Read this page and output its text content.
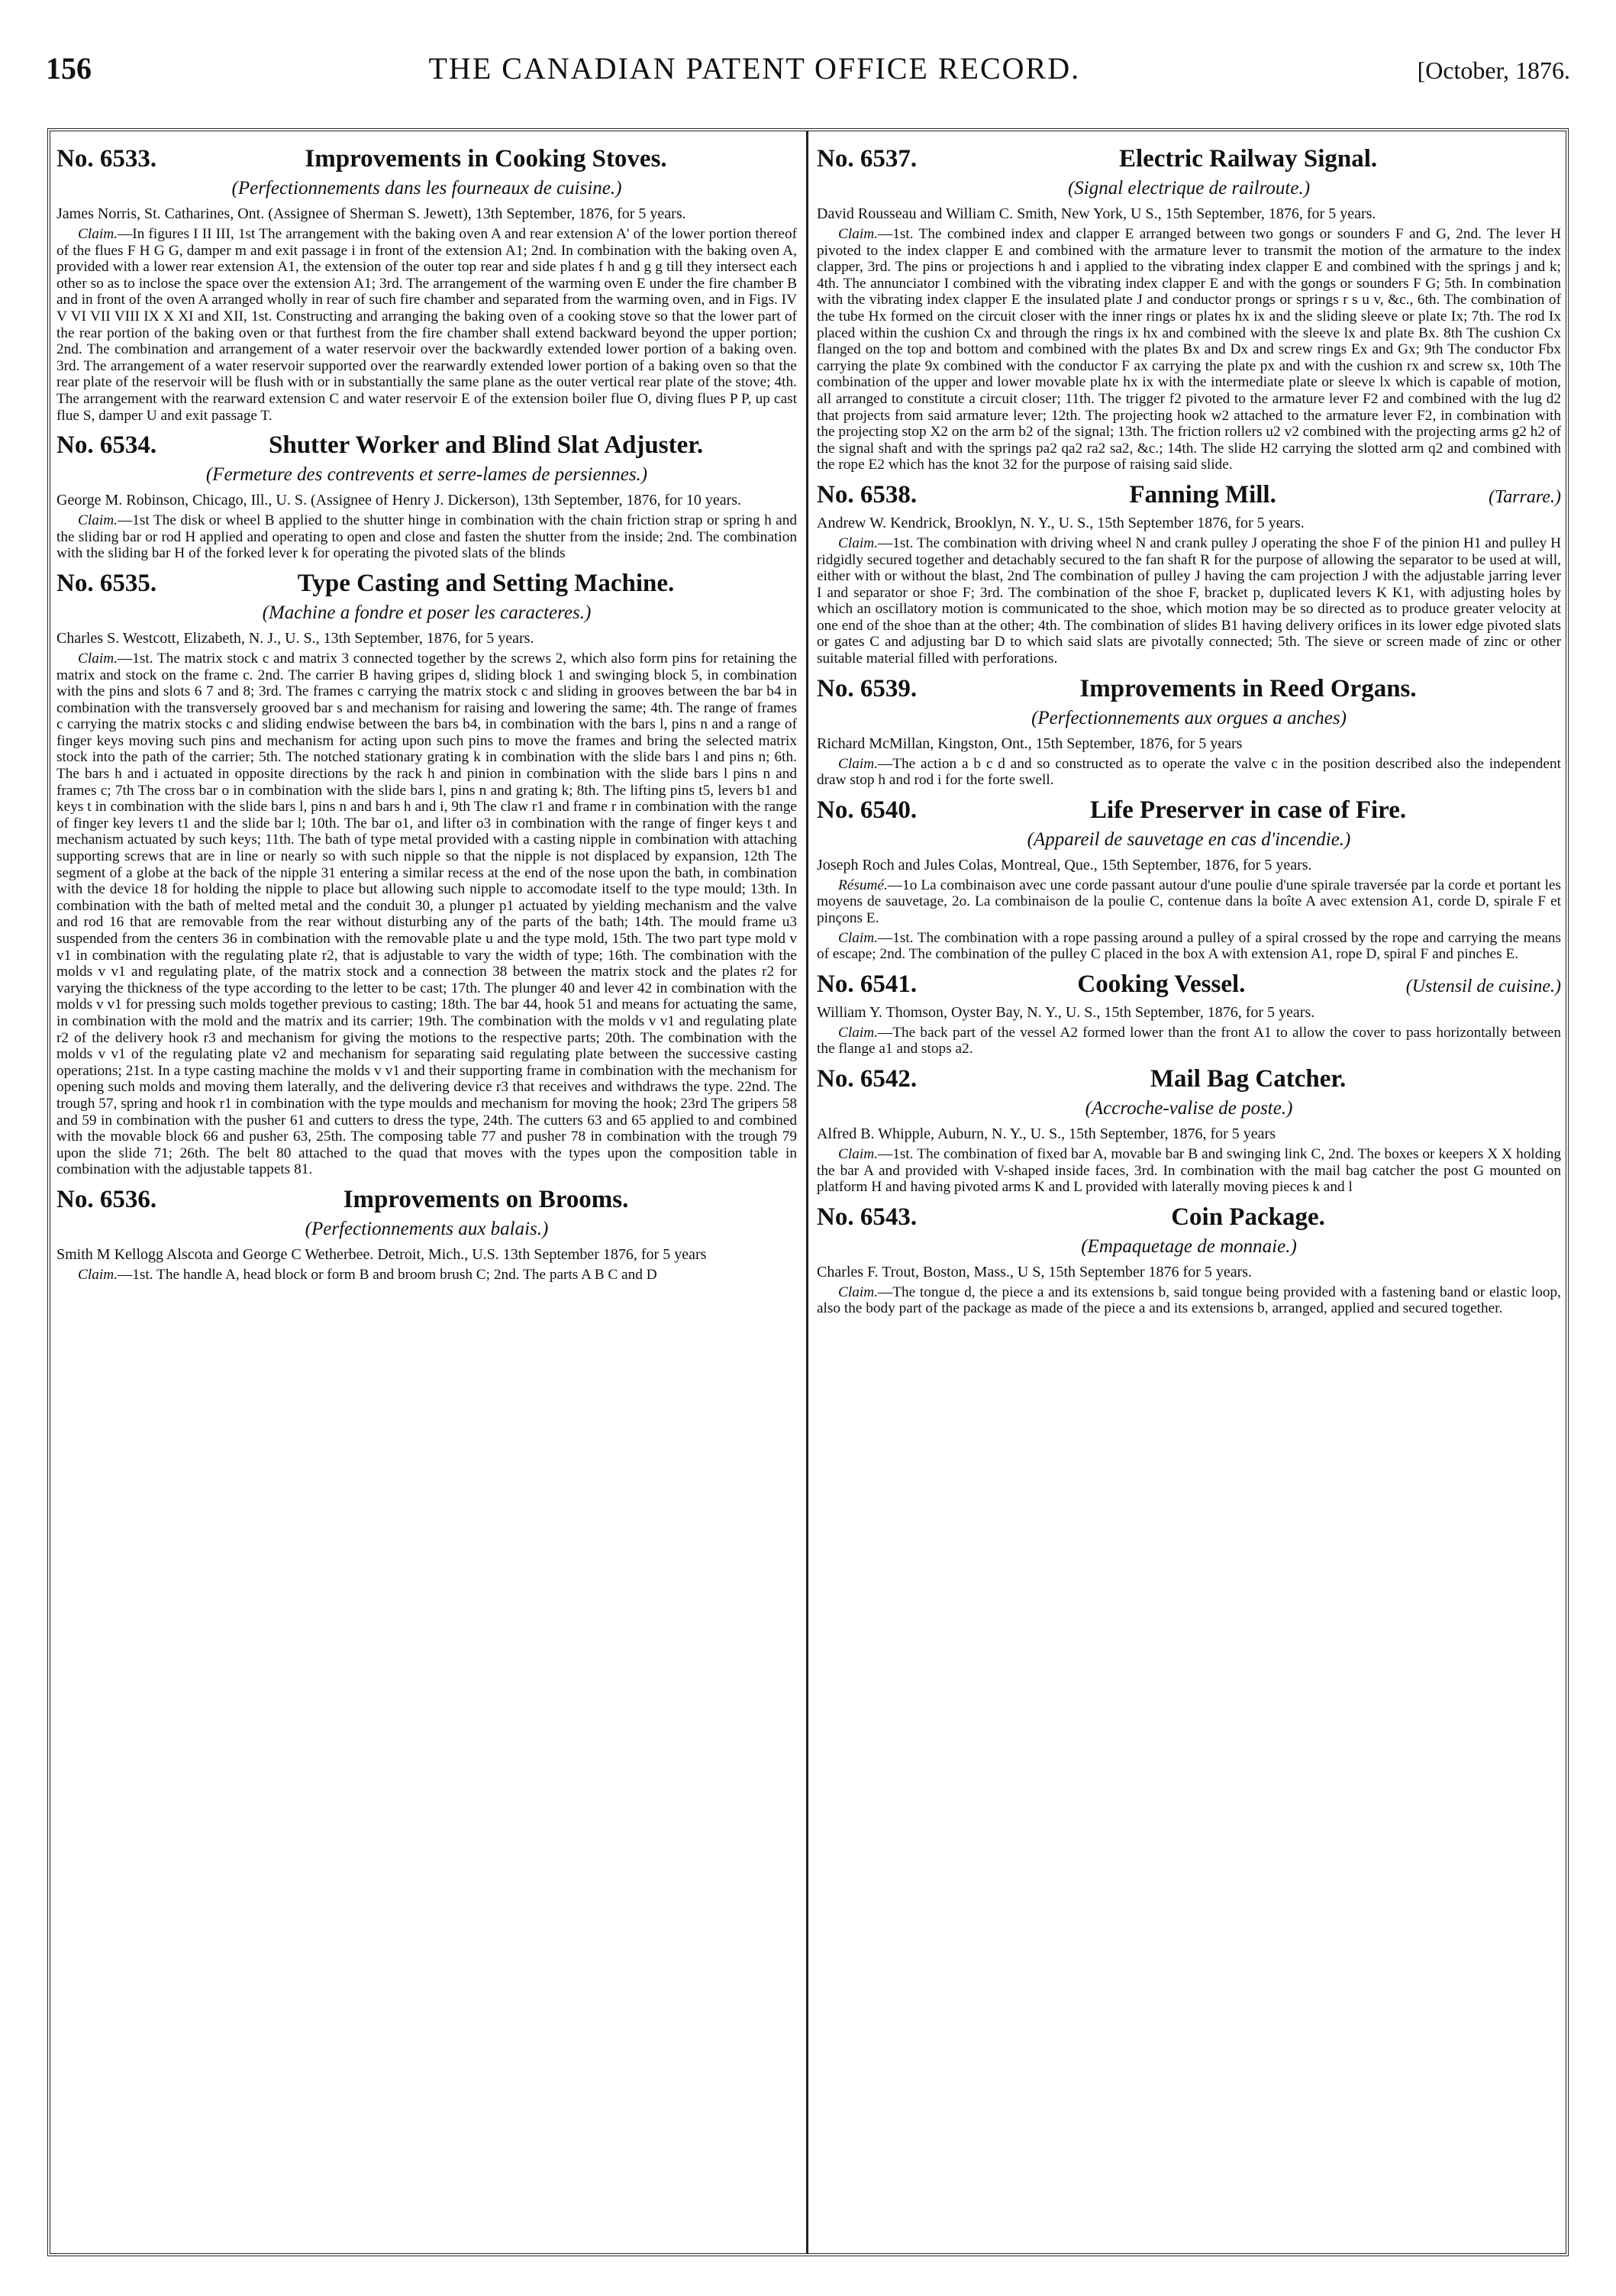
156	THE CANADIAN PATENT OFFICE RECORD.	[October, 1876.
No. 6533.	Improvements in Cooking Stoves.
(Perfectionnements dans les fourneaux de cuisine.)

James Norris, St. Catharines, Ont. (Assignee of Sherman S. Jewett), 13th September, 1876, for 5 years.

Claim.—In figures I II III, 1st The arrangement with the baking oven A and rear extension A' of the lower portion thereof of the flues F H G G, damper m and exit passage i in front of the extension A1; 2nd. In combination with the baking oven A, provided with a lower rear extension A1, the extension of the outer top rear and side plates f h and g g till they intersect each other so as to inclose the space over the extension A1; 3rd. The arrangement of the warming oven E under the fire chamber B and in front of the oven A arranged wholly in rear of such fire chamber and separated from the warming oven, and in Figs. IV V VI VII VIII IX X XI and XII, 1st. Constructing and arranging the baking oven of a cooking stove so that the lower part of the rear portion of the baking oven or that furthest from the fire chamber shall extend backward beyond the upper portion; 2nd. The combination and arrangement of a water reservoir over the backwardly extended lower portion of a baking oven. 3rd. The arrangement of a water reservoir supported over the rearwardly extended lower portion of a baking oven so that the rear plate of the reservoir will be flush with or in substantially the same plane as the outer vertical rear plate of the stove; 4th. The arrangement with the rearward extension C and water reservoir E of the extension boiler flue O, diving flues P P, up cast flue S, damper U and exit passage T.

No. 6534.	Shutter Worker and Blind Slat Adjuster.
(Fermeture des contrevents et serre-lames de persiennes.)

George M. Robinson, Chicago, Ill., U. S. (Assignee of Henry J. Dickerson), 13th September, 1876, for 10 years.

Claim.—1st The disk or wheel B applied to the shutter hinge in combination with the chain friction strap or spring h and the sliding bar or rod H applied and operating to open and close and fasten the shutter from the inside; 2nd. The combination with the sliding bar H of the forked lever k for operating the pivoted slats of the blinds

No. 6535.	Type Casting and Setting Machine.
(Machine a fondre et poser les caracteres.)

Charles S. Westcott, Elizabeth, N. J., U. S., 13th September, 1876, for 5 years.

Claim.—1st. The matrix stock c and matrix 3 connected together by the screws 2, which also form pins for retaining the matrix and stock on the frame c. 2nd. The carrier B having gripes d, sliding block 1 and swinging block 5, in combination with the pins and slots 6 7 and 8; 3rd. The frames c carrying the matrix stock c and sliding in grooves between the bar b4 in combination with the transversely grooved bar s and mechanism for raising and lowering the same; 4th. The range of frames c carrying the matrix stocks c and sliding endwise between the bars b4, in combination with the bars l, pins n and a range of finger keys moving such pins and mechanism for acting upon such pins to move the frames and bring the selected matrix stock into the path of the carrier; 5th. The notched stationary grating k in combination with the slide bars l and pins n; 6th. The bars h and i actuated in opposite directions by the rack h and pinion in combination with the slide bars l pins n and frames c; 7th The cross bar o in combination with the slide bars l, pins n and grating k; 8th. The lifting pins t5, levers b1 and keys t in combination with the slide bars l, pins n and bars h and i, 9th The claw r1 and frame r in combination with the range of finger key levers t1 and the slide bar l; 10th. The bar o1, and lifter o3 in combination with the range of finger keys t and mechanism actuated by such keys; 11th. The bath of type metal provided with a casting nipple in combination with attaching supporting screws that are in line or nearly so with such nipple so that the nipple is not displaced by expansion, 12th The segment of a globe at the back of the nipple 31 entering a similar recess at the end of the nose upon the bath, in combination with the device 18 for holding the nipple to place but allowing such nipple to accomodate itself to the type mould; 13th. In combination with the bath of melted metal and the conduit 30, a plunger p1 actuated by yielding mechanism and the valve and rod 16 that are removable from the rear without disturbing any of the parts of the bath; 14th. The mould frame u3 suspended from the centers 36 in combination with the removable plate u and the type mold, 15th. The two part type mold v v1 in combination with the regulating plate r2, that is adjustable to vary the width of type; 16th. The combination with the molds v v1 and regulating plate, of the matrix stock and a connection 38 between the matrix stock and the plates r2 for varying the thickness of the type according to the letter to be cast; 17th. The plunger 40 and lever 42 in combination with the molds v v1 for pressing such molds together previous to casting; 18th. The bar 44, hook 51 and means for actuating the same, in combination with the mold and the matrix and its carrier; 19th. The combination with the molds v v1 and regulating plate r2 of the delivery hook r3 and mechanism for giving the motions to the respective parts; 20th. The combination with the molds v v1 of the regulating plate v2 and mechanism for separating said regulating plate between the successive casting operations; 21st. In a type casting machine the molds v v1 and their supporting frame in combination with the mechanism for opening such molds and moving them laterally, and the delivering device r3 that receives and withdraws the type. 22nd. The trough 57, spring and hook r1 in combination with the type moulds and mechanism for moving the hook; 23rd The gripers 58 and 59 in combination with the pusher 61 and cutters to dress the type, 24th. The cutters 63 and 65 applied to and combined with the movable block 66 and pusher 63, 25th. The composing table 77 and pusher 78 in combination with the trough 79 upon the slide 71; 26th. The belt 80 attached to the quad that moves with the types upon the composition table in combination with the adjustable tappets 81.

No. 6536.	Improvements on Brooms.
(Perfectionnements aux balais.)

Smith M Kellogg Alscota and George C Wetherbee. Detroit, Mich., U.S. 13th September 1876, for 5 years

Claim.—1st. The handle A, head block or form B and broom brush C; 2nd. The parts A B C and D

No. 6537.	Electric Railway Signal.
(Signal electrique de railroute.)

David Rousseau and William C. Smith, New York, U S., 15th September, 1876, for 5 years.

Claim.—1st. The combined index and clapper E arranged between two gongs or sounders F and G, 2nd. The lever H pivoted to the index clapper E and combined with the armature lever to transmit the motion of the armature to the index clapper, 3rd. The pins or projections h and i applied to the vibrating index clapper E and combined with the springs j and k; 4th. The annunciator I combined with the vibrating index clapper E and with the gongs or sounders F G; 5th. In combination with the vibrating index clapper E the insulated plate J and conductor prongs or springs r s u v, &c., 6th. The combination of the tube Hx formed on the circuit closer with the inner rings or plates hx ix and the sliding sleeve or plate Ix; 7th. The rod Ix placed within the cushion Cx and through the rings ix hx and combined with the sleeve lx and plate Bx. 8th The cushion Cx flanged on the top and bottom and combined with the plates Bx and Dx and screw rings Ex and Gx; 9th The conductor Fbx carrying the plate 9x combined with the conductor F ax carrying the plate px and with the cushion rx and screw sx, 10th The combination of the upper and lower movable plate hx ix with the intermediate plate or sleeve lx which is capable of motion, all arranged to constitute a circuit closer; 11th. The trigger f2 pivoted to the armature lever F2 and combined with the lug d2 that projects from said armature lever; 12th. The projecting hook w2 attached to the armature lever F2, in combination with the projecting stop X2 on the arm b2 of the signal; 13th. The friction rollers u2 v2 combined with the projecting arms g2 h2 of the signal shaft and with the springs pa2 qa2 ra2 sa2, &c.; 14th. The slide H2 carrying the slotted arm q2 and combined with the rope E2 which has the knot 32 for the purpose of raising said slide.

No. 6538.	Fanning Mill.	(Tarrare.)

Andrew W. Kendrick, Brooklyn, N. Y., U. S., 15th September 1876, for 5 years.

Claim.—1st. The combination with driving wheel N and crank pulley J operating the shoe F of the pinion H1 and pulley H ridgidly secured together and detachably secured to the fan shaft R for the purpose of allowing the separator to be used at will, either with or without the blast, 2nd The combination of pulley J having the cam projection J with the adjustable jarring lever I and separator or shoe F; 3rd. The combination of the shoe F, bracket p, duplicated levers K K1, with adjusting holes by which an oscillatory motion is communicated to the shoe, which motion may be so directed as to produce greater velocity at one end of the shoe than at the other; 4th. The combination of slides B1 having delivery orifices in its lower edge pivoted slats or gates C and adjusting bar D to which said slats are pivotally connected; 5th. The sieve or screen made of zinc or other suitable material filled with perforations.

No. 6539.	Improvements in Reed Organs.
(Perfectionnements aux orgues a anches)

Richard McMillan, Kingston, Ont., 15th September, 1876, for 5 years

Claim.—The action a b c d and so constructed as to operate the valve c in the position described also the independent draw stop h and rod i for the forte swell.

No. 6540.	Life Preserver in case of Fire.
(Appareil de sauvetage en cas d'incendie.)

Joseph Roch and Jules Colas, Montreal, Que., 15th September, 1876, for 5 years.

Résumé.—1o La combinaison avec une corde passant autour d'une poulie d'une spirale traversée par la corde et portant les moyens de sauvetage, 2o. La combinaison de la poulie C, contenue dans la boîte A avec extension A1, corde D, spirale F et pinçons E.

Claim.—1st. The combination with a rope passing around a pulley of a spiral crossed by the rope and carrying the means of escape; 2nd. The combination of the pulley C placed in the box A with extension A1, rope D, spiral F and pinches E.

No. 6541.	Cooking Vessel.	(Ustensil de cuisine.)

William Y. Thomson, Oyster Bay, N. Y., U. S., 15th September, 1876, for 5 years.

Claim.—The back part of the vessel A2 formed lower than the front A1 to allow the cover to pass horizontally between the flange a1 and stops a2.

No. 6542.	Mail Bag Catcher.
(Accroche-valise de poste.)

Alfred B. Whipple, Auburn, N. Y., U. S., 15th September, 1876, for 5 years

Claim.—1st. The combination of fixed bar A, movable bar B and swinging link C, 2nd. The boxes or keepers X X holding the bar A and provided with V-shaped inside faces, 3rd. In combination with the mail bag catcher the post G mounted on platform H and having pivoted arms K and L provided with laterally moving pieces k and l

No. 6543.	Coin Package.
(Empaquetage de monnaie.)

Charles F. Trout, Boston, Mass., U S, 15th September 1876 for 5 years.

Claim.—The tongue d, the piece a and its extensions b, said tongue being provided with a fastening band or elastic loop, also the body part of the package as made of the piece a and its extensions b, arranged, applied and secured together.
